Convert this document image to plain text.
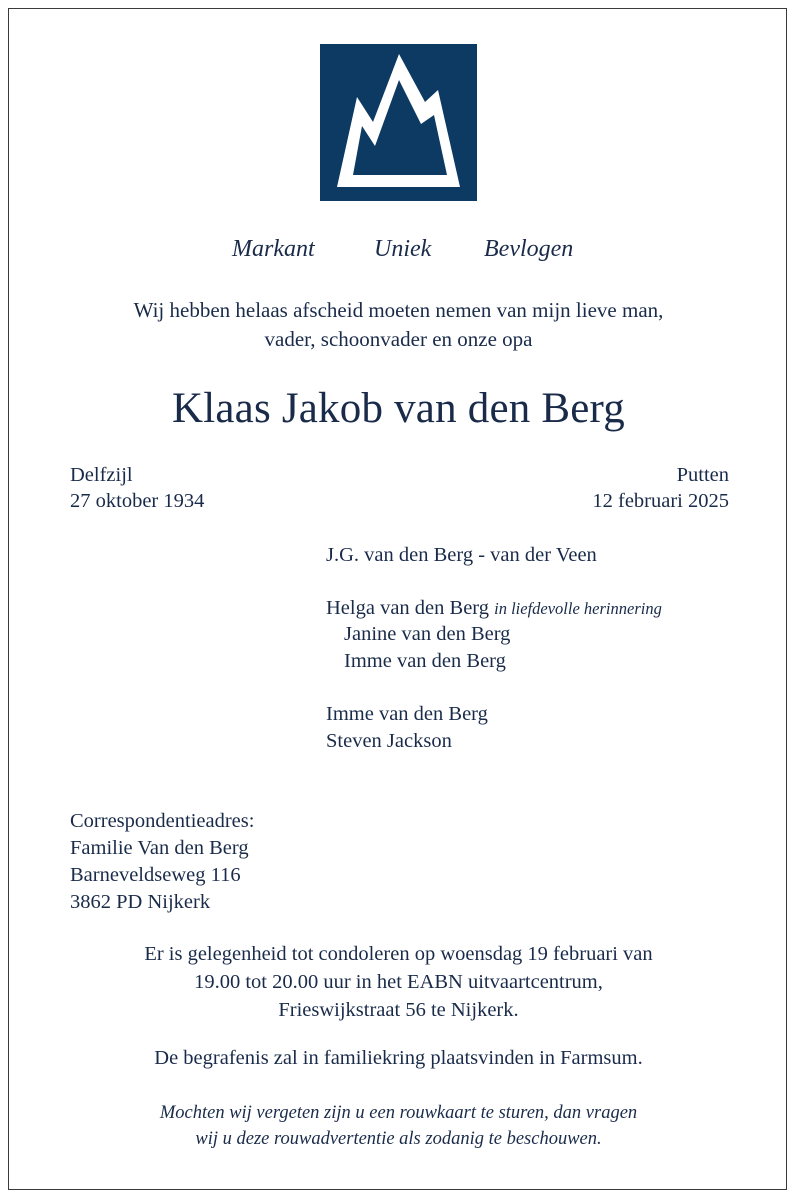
Markant Uniek Bevlogen
Wij hebben helaas afscheid moeten nemen van mijn lieve man,
vader, schoonvader en onze opa
Klaas Jakob van den Berg
Delfzijl
27 oktober 1934
Putten
12 februari 2025
J.G. van den Berg - van der Veen
Helga van den Berg in liefdevolle herinnering
Janine van den Berg
Imme van den Berg
Imme van den Berg
Steven Jackson
Correspondentieadres:
Familie Van den Berg
Barneveldseweg 116
3862 PD Nijkerk
Er is gelegenheid tot condoleren op woensdag 19 februari van
19.00 tot 20.00 uur in het EABN uitvaartcentrum,
Frieswijkstraat 56 te Nijkerk.
De begrafenis zal in familiekring plaatsvinden in Farmsum.
Mochten wij vergeten zijn u een rouwkaart te sturen, dan vragen
wij u deze rouwadvertentie als zodanig te beschouwen.
